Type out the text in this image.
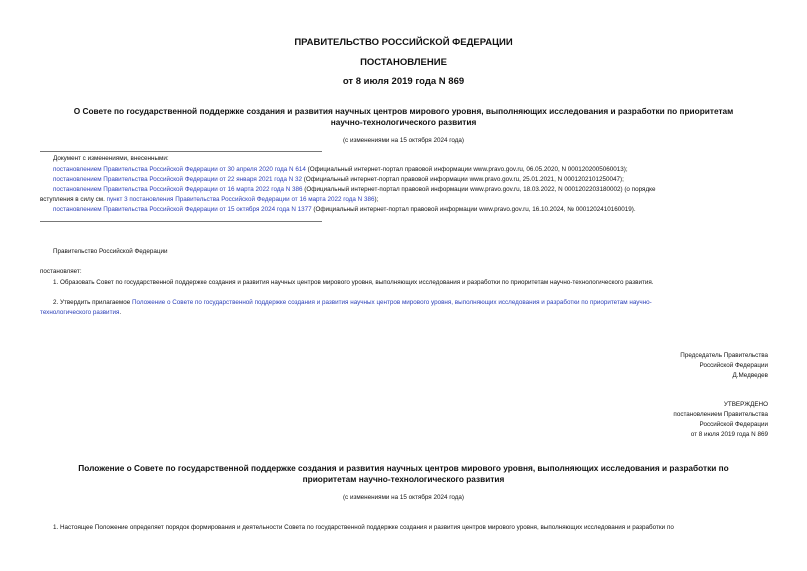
ПРАВИТЕЛЬСТВО РОССИЙСКОЙ ФЕДЕРАЦИИ
ПОСТАНОВЛЕНИЕ
от 8 июля 2019 года N 869
О Совете по государственной поддержке создания и развития научных центров мирового уровня, выполняющих исследования и разработки по приоритетам
научно-технологического развития
(с изменениями на 15 октября 2024 года)
Документ с изменениями, внесенными:
постановлением Правительства Российской Федерации от 30 апреля 2020 года N 614 (Официальный интернет-портал правовой информации www.pravo.gov.ru, 06.05.2020, N 0001202005060013);
постановлением Правительства Российской Федерации от 22 января 2021 года N 32 (Официальный интернет-портал правовой информации www.pravo.gov.ru, 25.01.2021, N 0001202101250047);
постановлением Правительства Российской Федерации от 16 марта 2022 года N 386 (Официальный интернет-портал правовой информации www.pravo.gov.ru, 18.03.2022, N 0001202203180002) (о порядке
вступления в силу см. пункт 3 постановления Правительства Российской Федерации от 16 марта 2022 года N 386);
постановлением Правительства Российской Федерации от 15 октября 2024 года N 1377 (Официальный интернет-портал правовой информации www.pravo.gov.ru, 16.10.2024, № 0001202410160019).
Правительство Российской Федерации
постановляет:
1. Образовать Совет по государственной поддержке создания и развития научных центров мирового уровня, выполняющих исследования и разработки по приоритетам научно-технологического развития.
2. Утвердить прилагаемое Положение о Совете по государственной поддержке создания и развития научных центров мирового уровня, выполняющих исследования и разработки по приоритетам научно-
технологического развития.
Председатель Правительства
Российской Федерации
Д.Медведев
УТВЕРЖДЕНО
постановлением Правительства
Российской Федерации
от 8 июля 2019 года N 869
Положение о Совете по государственной поддержке создания и развития научных центров мирового уровня, выполняющих исследования и разработки по
приоритетам научно-технологического развития
(с изменениями на 15 октября 2024 года)
1. Настоящее Положение определяет порядок формирования и деятельности Совета по государственной поддержке создания и развития центров мирового уровня, выполняющих исследования и разработки по
